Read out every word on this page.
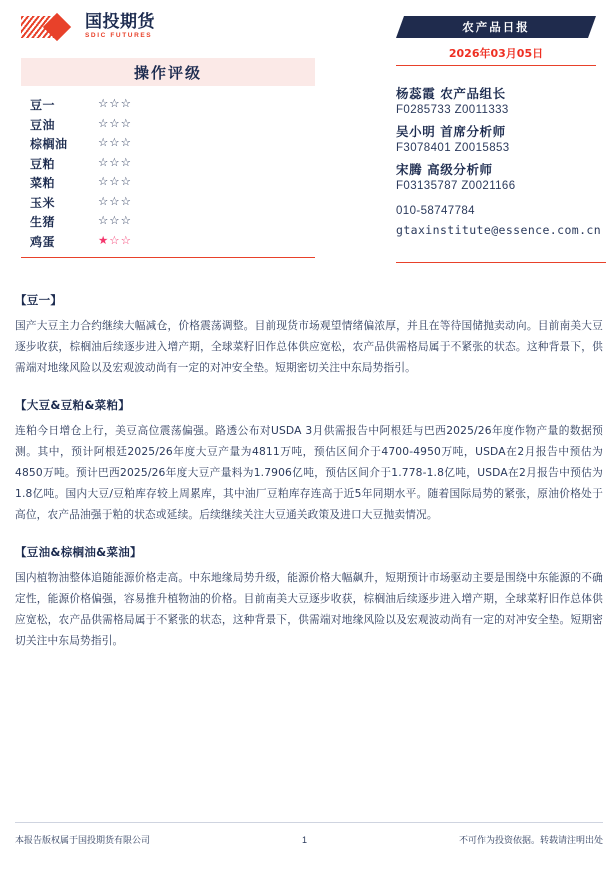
国投期货
SDIC FUTURES
操作评级
豆一	☆☆☆
豆油	☆☆☆
棕榈油	☆☆☆
豆粕	☆☆☆
菜粕	☆☆☆
玉米	☆☆☆
生猪	☆☆☆
鸡蛋	★☆☆
农产品日报
2026年03月05日
杨蕊霞 农产品组长
F0285733 Z0011333
吴小明 首席分析师
F3078401 Z0015853
宋腾 高级分析师
F03135787 Z0021166
010-58747784
gtaxinstitute@essence.com.cn
【豆一】
国产大豆主力合约继续大幅减仓，价格震荡调整。目前现货市场观望情绪偏浓厚，并且在等待国储抛卖动向。目前南美大豆逐步收获，棕榈油后续逐步进入增产期，全球菜籽旧作总体供应宽松，农产品供需格局属于不紧张的状态。这种背景下，供需端对地缘风险以及宏观波动尚有一定的对冲安全垫。短期密切关注中东局势指引。
【大豆&豆粕&菜粕】
连粕今日增仓上行，美豆高位震荡偏强。路透公布对USDA 3月供需报告中阿根廷与巴西2025/26年度作物产量的数据预测。其中，预计阿根廷2025/26年度大豆产量为4811万吨，预估区间介于4700-4950万吨，USDA在2月报告中预估为4850万吨。预计巴西2025/26年度大豆产量料为1.7906亿吨，预估区间介于1.778-1.8亿吨，USDA在2月报告中预估为1.8亿吨。国内大豆/豆粕库存较上周累库，其中油厂豆粕库存连高于近5年同期水平。随着国际局势的紧张，原油价格处于高位，农产品油强于粕的状态或延续。后续继续关注大豆通关政策及进口大豆抛卖情况。
【豆油&棕榈油&菜油】
国内植物油整体追随能源价格走高。中东地缘局势升级，能源价格大幅飙升，短期预计市场驱动主要是围绕中东能源的不确定性，能源价格偏强，容易推升植物油的价格。目前南美大豆逐步收获，棕榈油后续逐步进入增产期，全球菜籽旧作总体供应宽松，农产品供需格局属于不紧张的状态，这种背景下，供需端对地缘风险以及宏观波动尚有一定的对冲安全垫。短期密切关注中东局势指引。
本报告版权属于国投期货有限公司	1	不可作为投资依据。转载请注明出处
